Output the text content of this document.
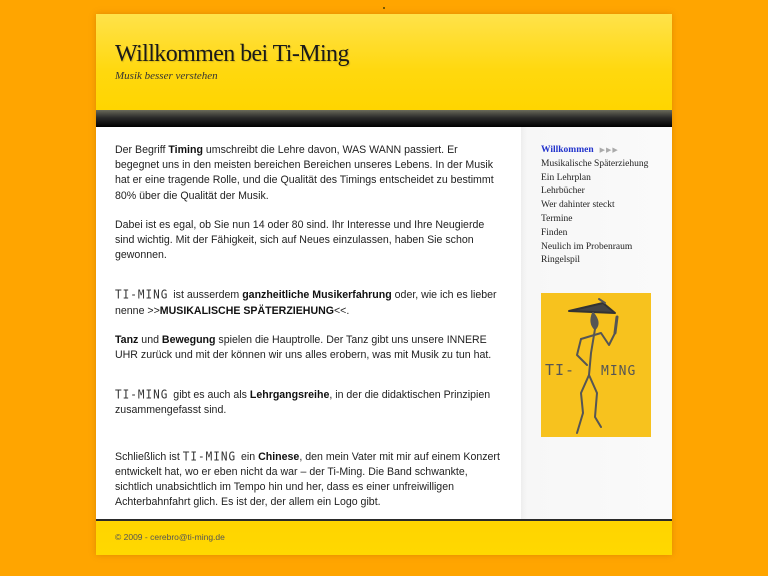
Willkommen bei Ti-Ming
Musik besser verstehen

Der Begriff Timing umschreibt die Lehre davon, WAS WANN passiert. Er begegnet uns in den meisten bereichen Bereichen unseres Lebens. In der Musik hat er eine tragende Rolle, und die Qualität des Timings entscheidet zu bestimmt 80% über die Qualität der Musik.

Dabei ist es egal, ob Sie nun 14 oder 80 sind. Ihr Interesse und Ihre Neugierde sind wichtig. Mit der Fähigkeit, sich auf Neues einzulassen, haben Sie schon gewonnen.

TI-MING ist ausserdem ganzheitliche Musikerfahrung oder, wie ich es lieber nenne >>MUSIKALISCHE SPÄTERZIEHUNG<<.

Tanz und Bewegung spielen die Hauptrolle. Der Tanz gibt uns unsere INNERE UHR zurück und mit der können wir uns alles erobern, was mit Musik zu tun hat.

TI-MING gibt es auch als Lehrgangsreihe, in der die didaktischen Prinzipien zusammengefasst sind.

Schließlich ist TI-MING ein Chinese, den mein Vater mit mir auf einem Konzert entwickelt hat, wo er eben nicht da war – der Ti-Ming. Die Band schwankte, sichtlich unabsichtlich im Tempo hin und her, dass es einer unfreiwilligen Achterbahnfahrt glich. Es ist der, der allem ein Logo gibt.

Willkommen ▶▶▶
Musikalische Späterziehung
Ein Lehrplan
Lehrbücher
Wer dahinter steckt
Termine
Finden
Neulich im Probenraum
Ringelspil
TI- MING
© 2009 - cerebro@ti-ming.de
